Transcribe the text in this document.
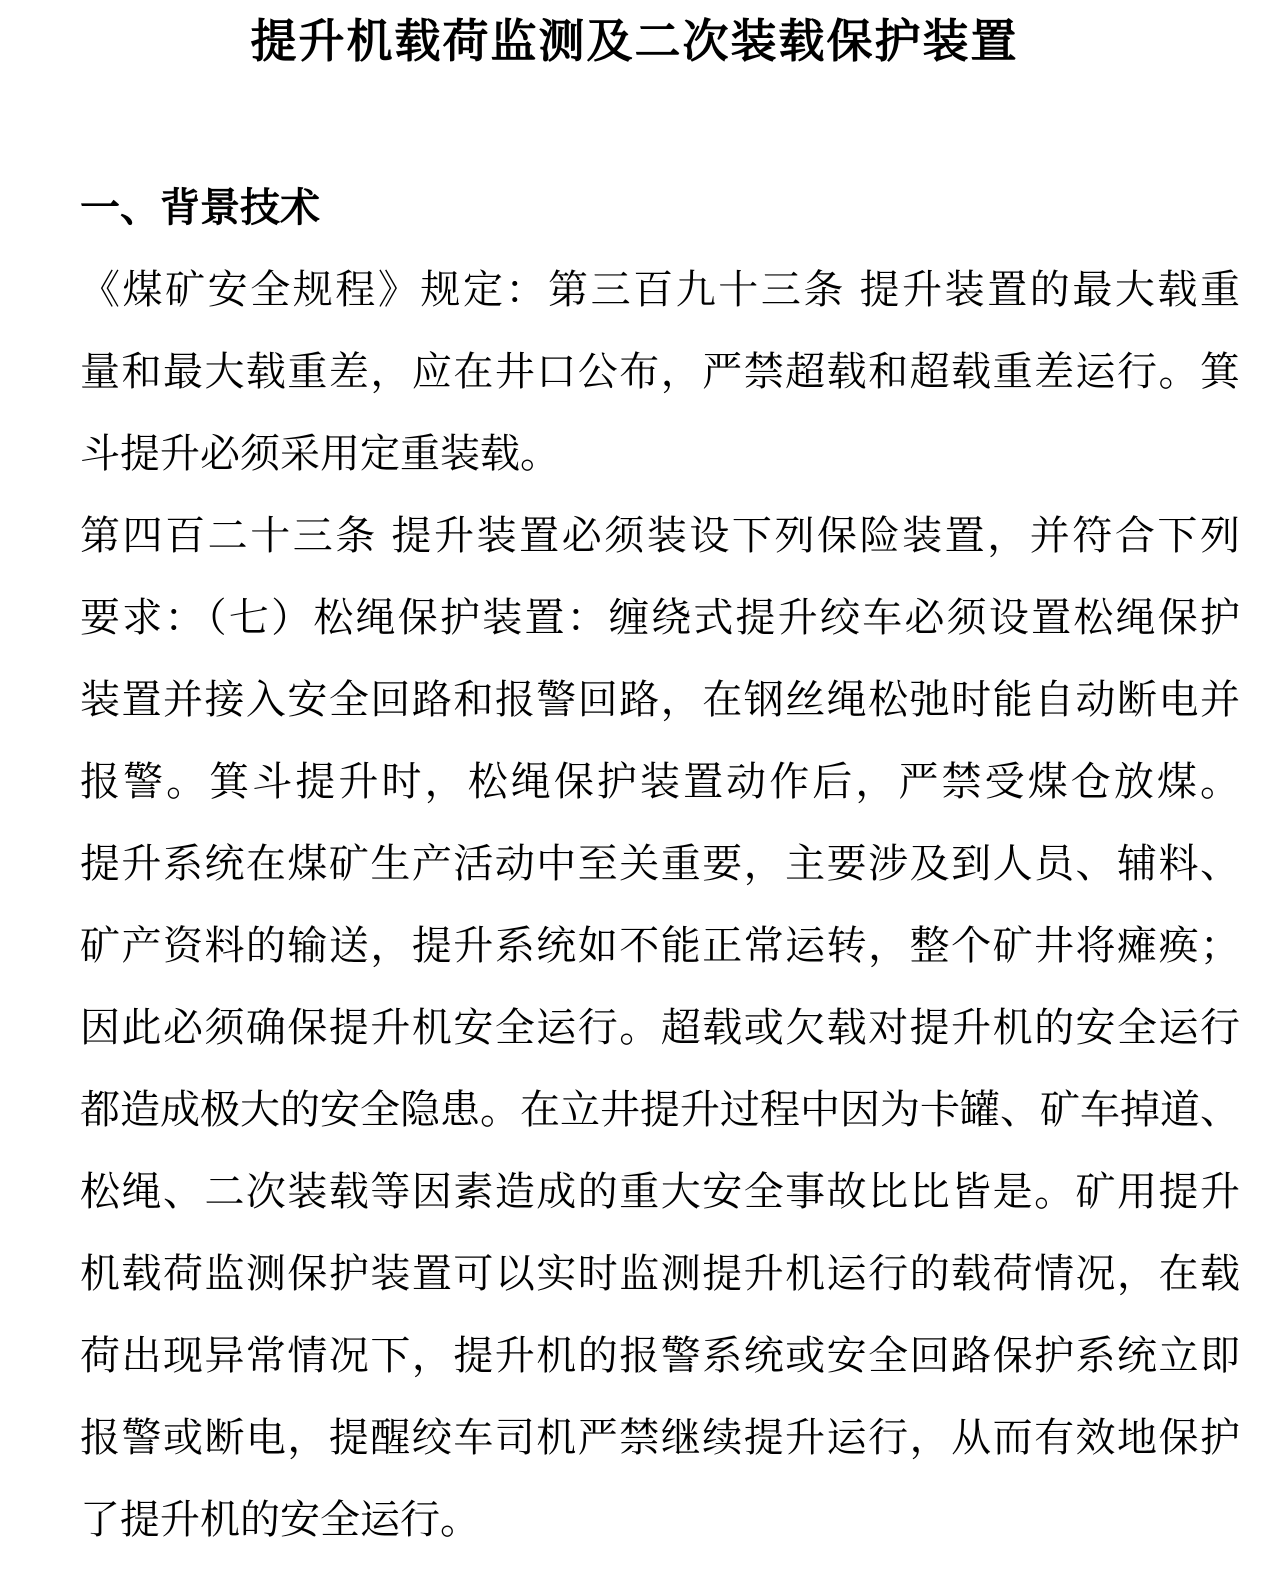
提升机载荷监测及二次装载保护装置
一、背景技术
《煤矿安全规程》规定：第三百九十三条 提升装置的最大载重
量和最大载重差，应在井口公布，严禁超载和超载重差运行。箕
斗提升必须采用定重装载。
第四百二十三条 提升装置必须装设下列保险装置，并符合下列
要求：（七）松绳保护装置：缠绕式提升绞车必须设置松绳保护
装置并接入安全回路和报警回路，在钢丝绳松弛时能自动断电并
报警。箕斗提升时，松绳保护装置动作后，严禁受煤仓放煤。
提升系统在煤矿生产活动中至关重要，主要涉及到人员、辅料、
矿产资料的输送，提升系统如不能正常运转，整个矿井将瘫痪；
因此必须确保提升机安全运行。超载或欠载对提升机的安全运行
都造成极大的安全隐患。在立井提升过程中因为卡罐、矿车掉道、
松绳、二次装载等因素造成的重大安全事故比比皆是。矿用提升
机载荷监测保护装置可以实时监测提升机运行的载荷情况，在载
荷出现异常情况下，提升机的报警系统或安全回路保护系统立即
报警或断电，提醒绞车司机严禁继续提升运行，从而有效地保护
了提升机的安全运行。
